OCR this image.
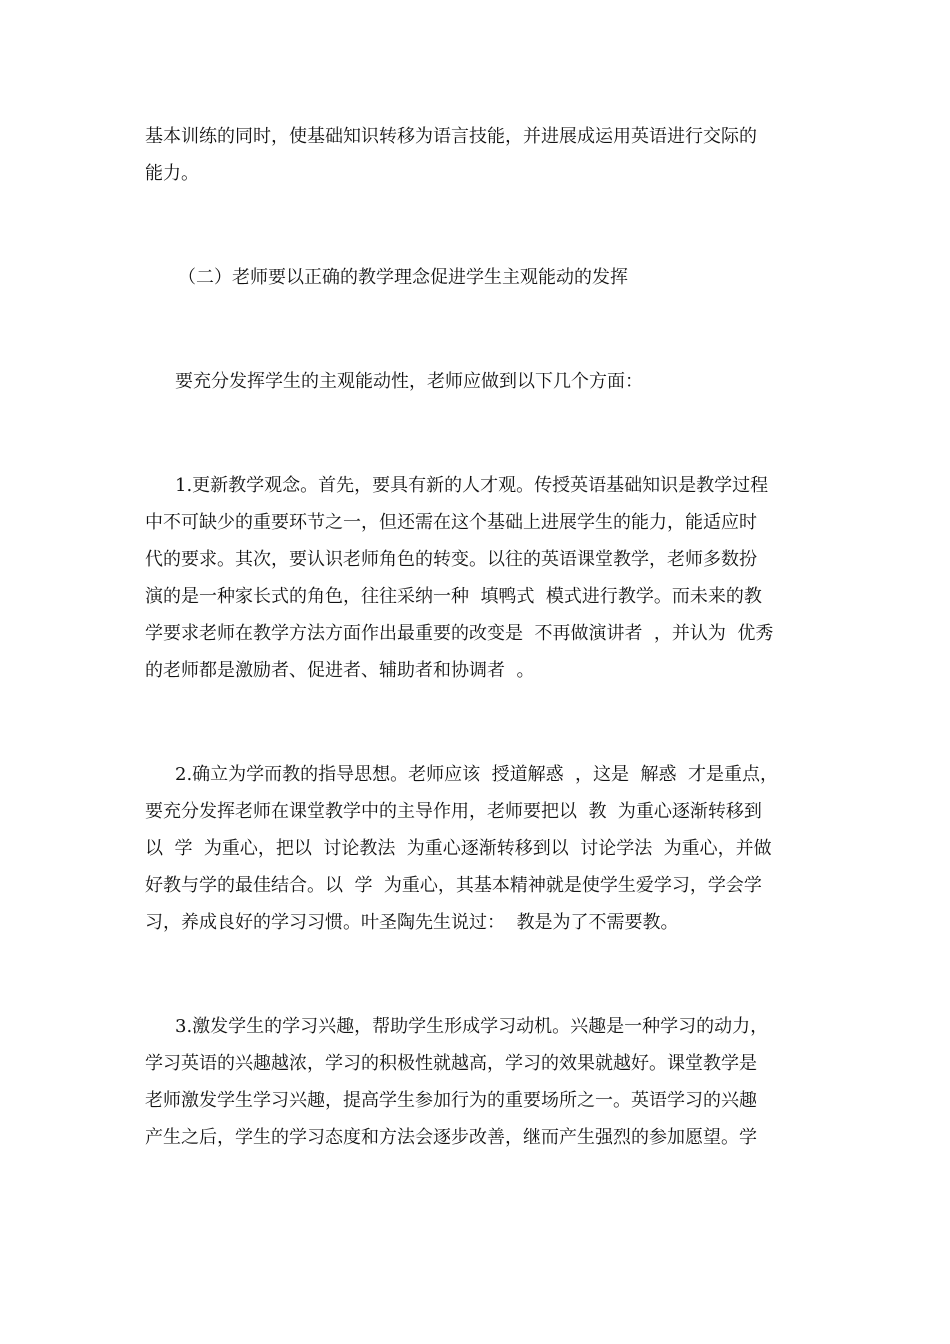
基本训练的同时，使基础知识转移为语言技能，并进展成运用英语进行交际的

能力。

（二）老师要以正确的教学理念促进学生主观能动的发挥

要充分发挥学生的主观能动性，老师应做到以下几个方面：

1.更新教学观念。首先，要具有新的人才观。传授英语基础知识是教学过程

中不可缺少的重要环节之一，但还需在这个基础上进展学生的能力，能适应时

代的要求。其次，要认识老师角色的转变。以往的英语课堂教学，老师多数扮

演的是一种家长式的角色，往往采纳一种  填鸭式  模式进行教学。而未来的教

学要求老师在教学方法方面作出最重要的改变是  不再做演讲者  ，并认为  优秀

的老师都是激励者、促进者、辅助者和协调者  。

2.确立为学而教的指导思想。老师应该  授道解惑  ，这是  解惑  才是重点，

要充分发挥老师在课堂教学中的主导作用，老师要把以  教  为重心逐渐转移到

以  学  为重心，把以  讨论教法  为重心逐渐转移到以  讨论学法  为重心，并做

好教与学的最佳结合。以  学  为重心，其基本精神就是使学生爱学习，学会学

习，养成良好的学习习惯。叶圣陶先生说过：  教是为了不需要教。

3.激发学生的学习兴趣，帮助学生形成学习动机。兴趣是一种学习的动力，

学习英语的兴趣越浓，学习的积极性就越高，学习的效果就越好。课堂教学是

老师激发学生学习兴趣，提高学生参加行为的重要场所之一。英语学习的兴趣

产生之后，学生的学习态度和方法会逐步改善，继而产生强烈的参加愿望。学
